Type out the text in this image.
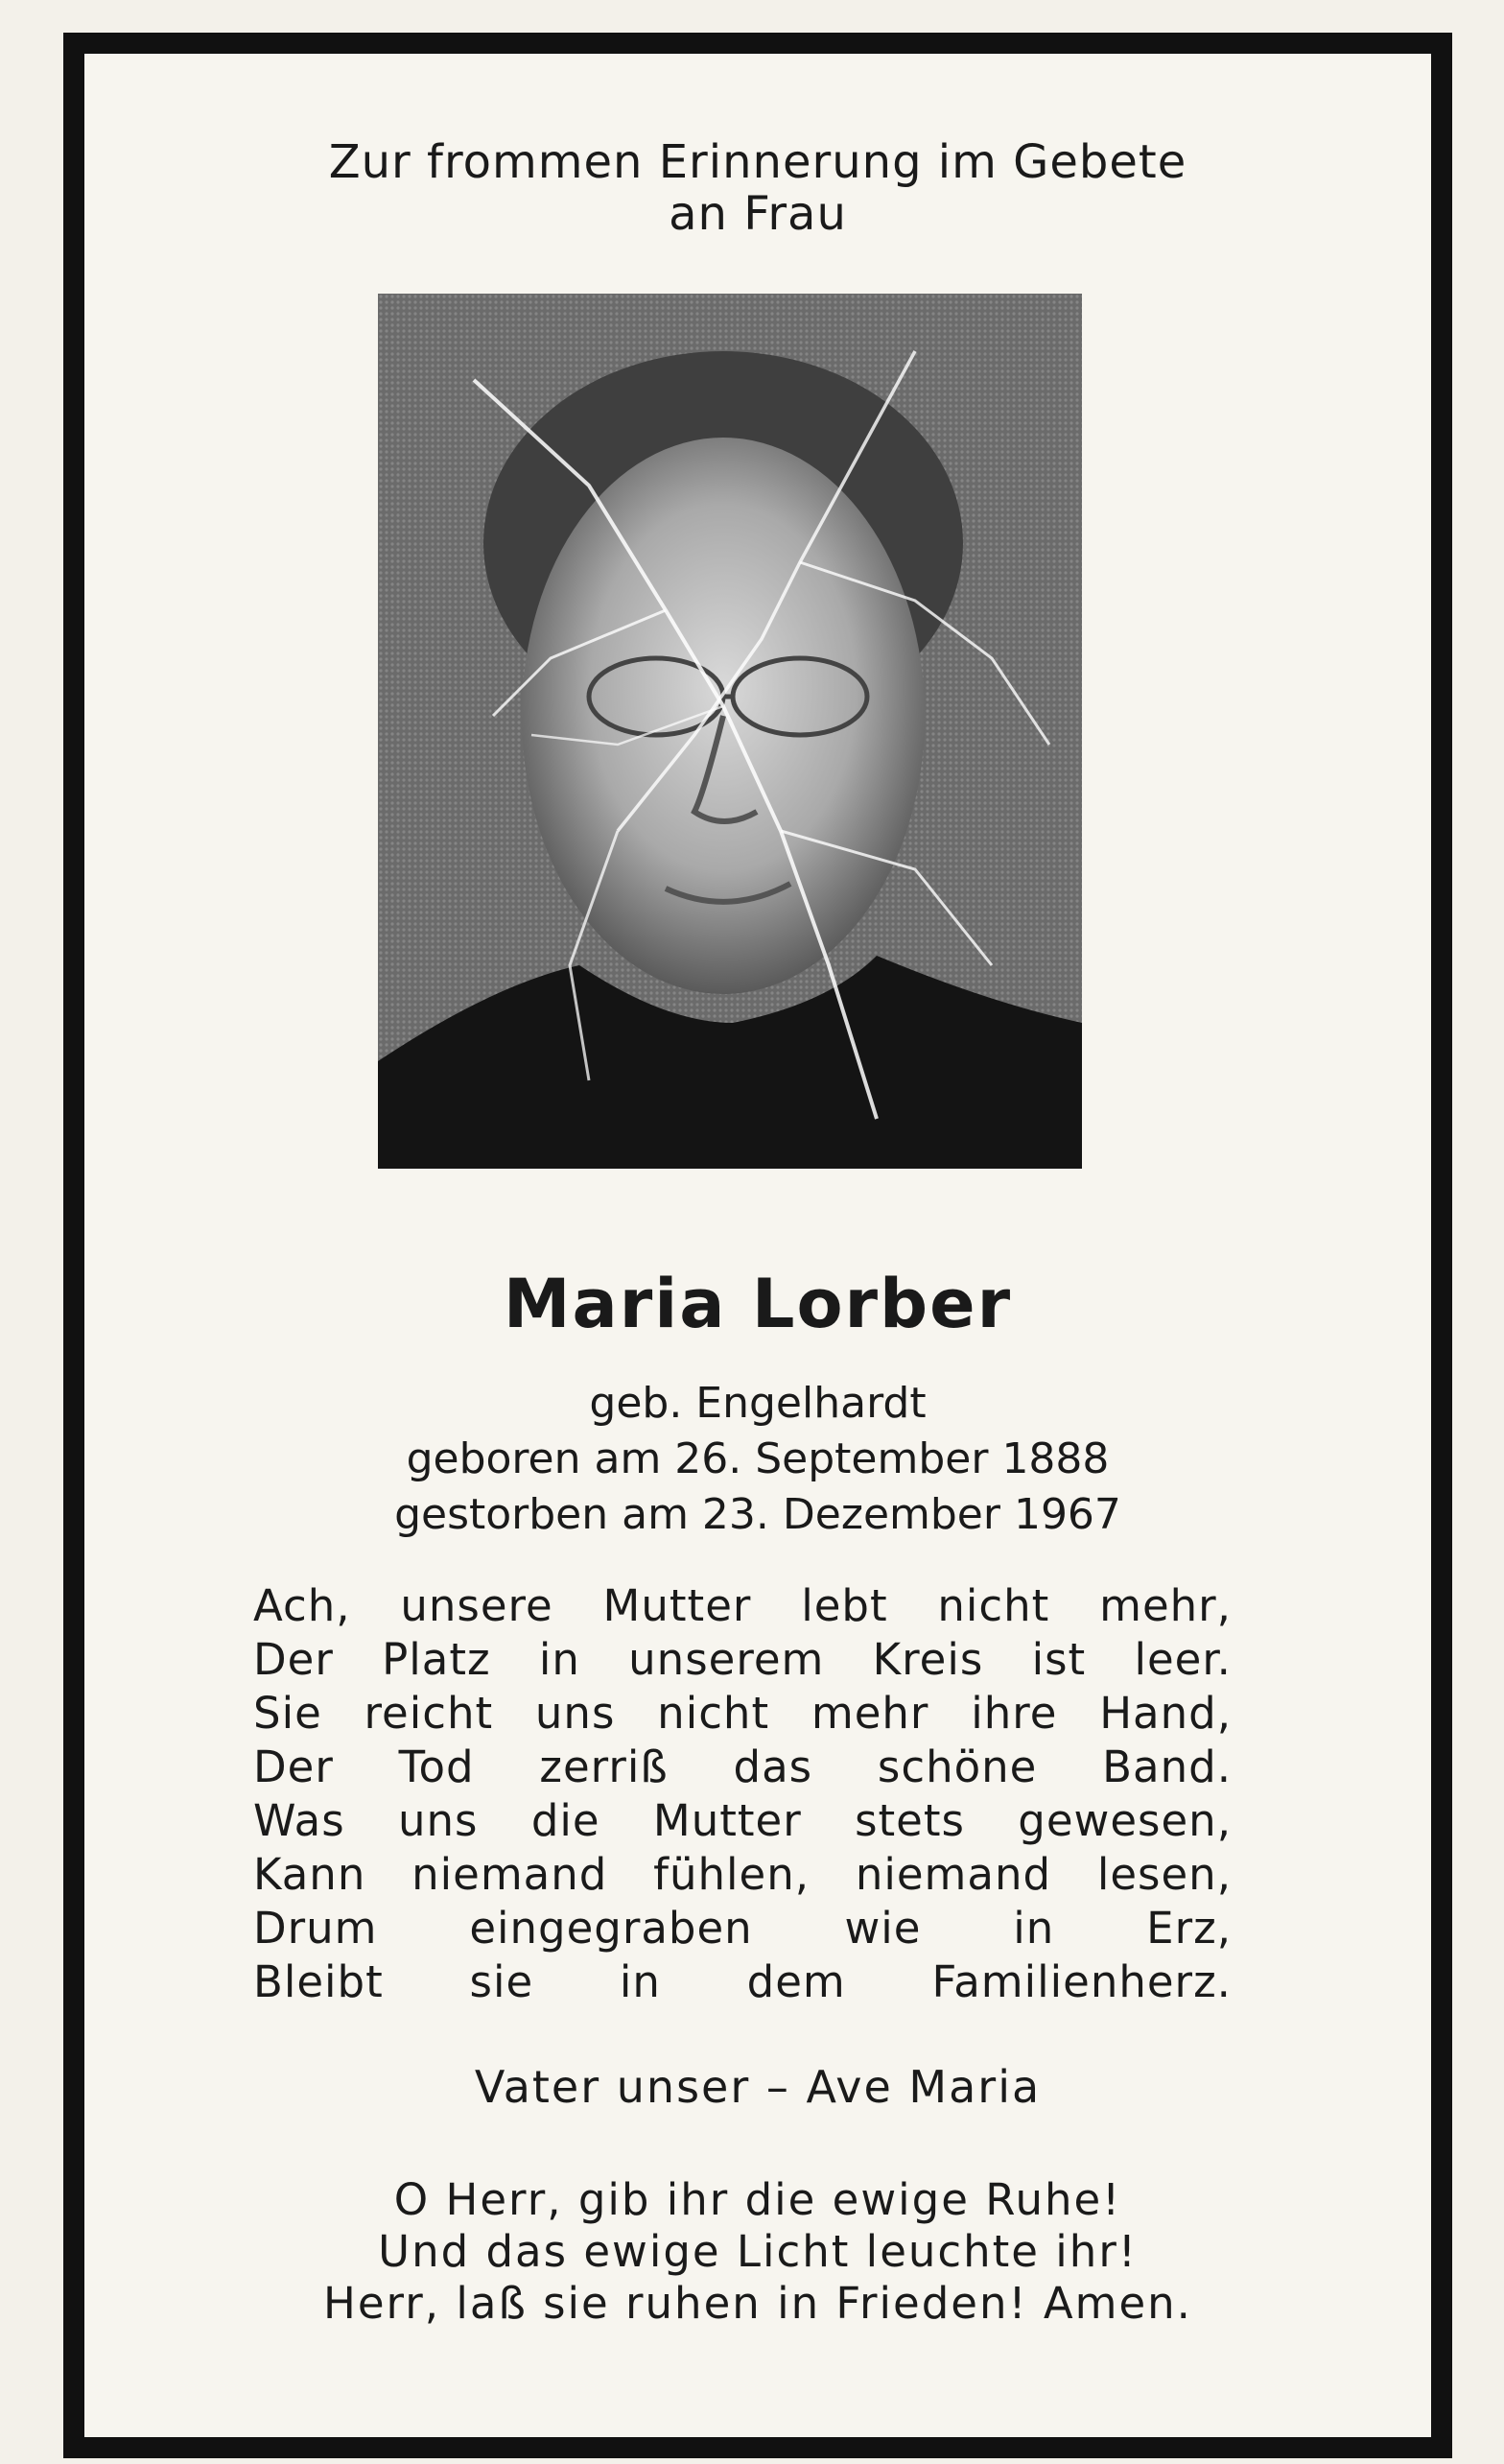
Zur frommen Erinnerung im Gebete
an Frau
Maria Lorber
geb. Engelhardt
geboren am 26. September 1888
gestorben am 23. Dezember 1967
Ach, unsere Mutter lebt nicht mehr,
Der Platz in unserem Kreis ist leer.
Sie reicht uns nicht mehr ihre Hand,
Der Tod zerriß das schöne Band.
Was uns die Mutter stets gewesen,
Kann niemand fühlen, niemand lesen,
Drum eingegraben wie in Erz,
Bleibt sie in dem Familienherz.
Vater unser – Ave Maria
O Herr, gib ihr die ewige Ruhe!
Und das ewige Licht leuchte ihr!
Herr, laß sie ruhen in Frieden! Amen.
